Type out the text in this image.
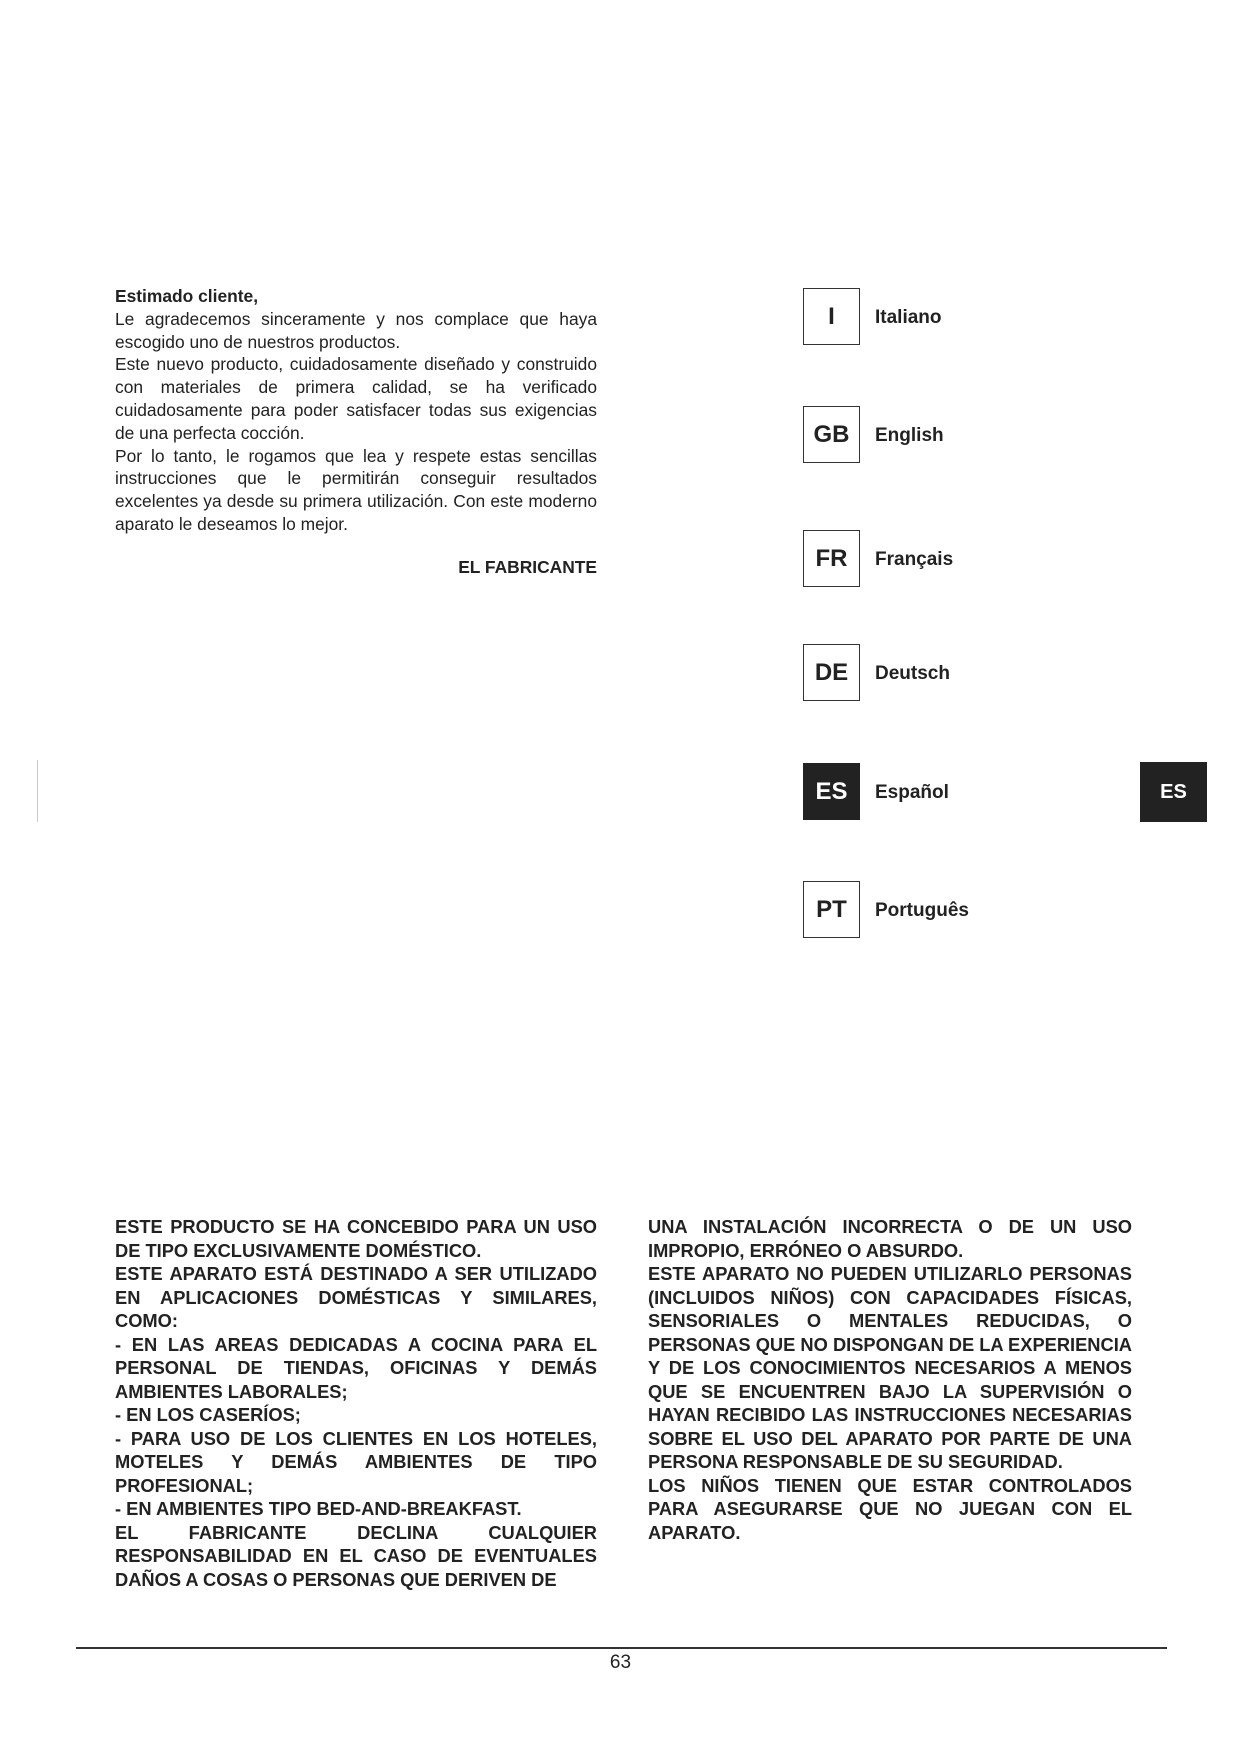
Estimado cliente,

Le agradecemos sinceramente y nos complace que haya escogido uno de nuestros productos.

Este nuevo producto, cuidadosamente diseñado y construido con materiales de primera calidad, se ha verificado cuidadosamente para poder satisfacer todas sus exigencias de una perfecta cocción.

Por lo tanto, le rogamos que lea y respete estas sencillas instrucciones que le permitirán conseguir resultados excelentes ya desde su primera utilización. Con este moderno aparato le deseamos lo mejor.

EL FABRICANTE

I	Italiano
GB	English
FR	Français
DE	Deutsch
ES	Español
PT	Português
ES

ESTE PRODUCTO SE HA CONCEBIDO PARA UN USO DE TIPO EXCLUSIVAMENTE DOMÉSTICO.

ESTE APARATO ESTÁ DESTINADO A SER UTILIZADO EN APLICACIONES DOMÉSTICAS Y SIMILARES, COMO:

- EN LAS AREAS DEDICADAS A COCINA PARA EL PERSONAL DE TIENDAS, OFICINAS Y DEMÁS AMBIENTES LABORALES;

- EN LOS CASERÍOS;

- PARA USO DE LOS CLIENTES EN LOS HOTELES, MOTELES Y DEMÁS AMBIENTES DE TIPO PROFESIONAL;

- EN AMBIENTES TIPO BED-AND-BREAKFAST.

EL FABRICANTE DECLINA CUALQUIER RESPONSABILIDAD EN EL CASO DE EVENTUALES DAÑOS A COSAS O PERSONAS QUE DERIVEN DE

UNA INSTALACIÓN INCORRECTA O DE UN USO IMPROPIO, ERRÓNEO O ABSURDO.

ESTE APARATO NO PUEDEN UTILIZARLO PERSONAS (INCLUIDOS NIÑOS) CON CAPACIDADES FÍSICAS, SENSORIALES O MENTALES REDUCIDAS, O PERSONAS QUE NO DISPONGAN DE LA EXPERIENCIA Y DE LOS CONOCIMIENTOS NECESARIOS A MENOS QUE SE ENCUENTREN BAJO LA SUPERVISIÓN O HAYAN RECIBIDO LAS INSTRUCCIONES NECESARIAS SOBRE EL USO DEL APARATO POR PARTE DE UNA PERSONA RESPONSABLE DE SU SEGURIDAD.

LOS NIÑOS TIENEN QUE ESTAR CONTROLADOS PARA ASEGURARSE QUE NO JUEGAN CON EL APARATO.

63
